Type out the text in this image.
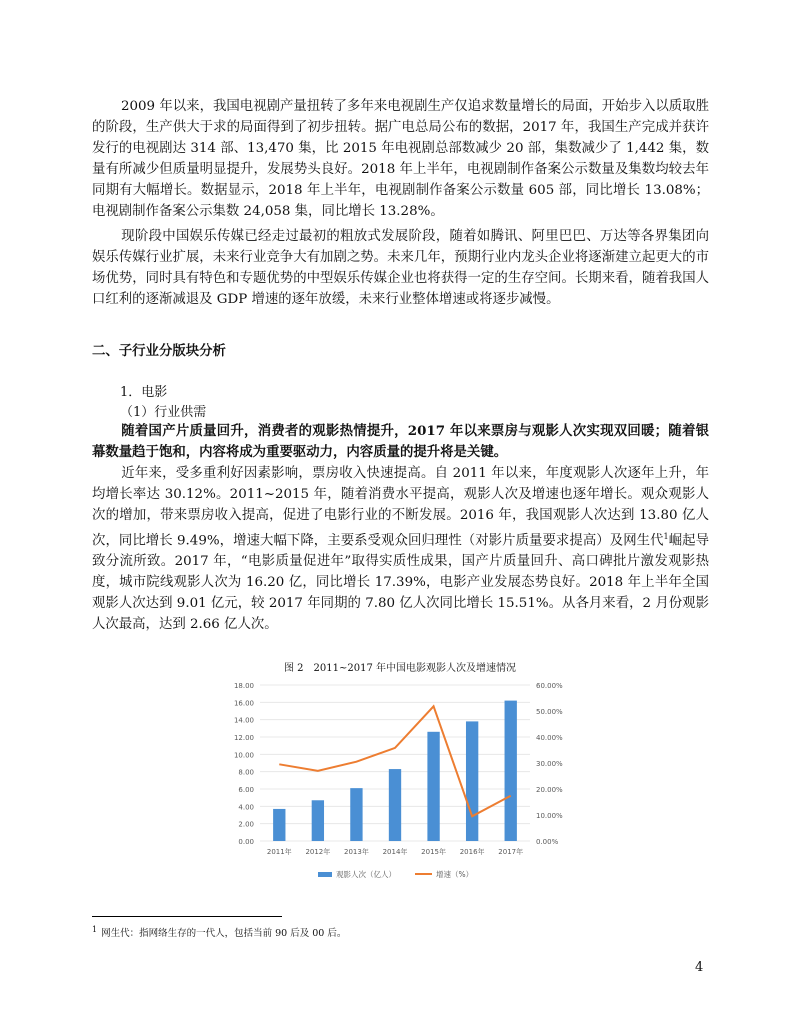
2009 年以来，我国电视剧产量扭转了多年来电视剧生产仅追求数量增长的局面，开始步入以质取胜的阶段，生产供大于求的局面得到了初步扭转。据广电总局公布的数据，2017 年，我国生产完成并获许发行的电视剧达 314 部、13,470 集，比 2015 年电视剧总部数减少 20 部，集数减少了 1,442 集，数量有所减少但质量明显提升，发展势头良好。2018 年上半年，电视剧制作备案公示数量及集数均较去年同期有大幅增长。数据显示，2018 年上半年，电视剧制作备案公示数量 605 部，同比增长 13.08%；电视剧制作备案公示集数 24,058 集，同比增长 13.28%。

现阶段中国娱乐传媒已经走过最初的粗放式发展阶段，随着如腾讯、阿里巴巴、万达等各界集团向娱乐传媒行业扩展，未来行业竞争大有加剧之势。未来几年，预期行业内龙头企业将逐渐建立起更大的市场优势，同时具有特色和专题优势的中型娱乐传媒企业也将获得一定的生存空间。长期来看，随着我国人口红利的逐渐减退及 GDP 增速的逐年放缓，未来行业整体增速或将逐步减慢。

二、子行业分版块分析

1．电影

（1）行业供需

随着国产片质量回升，消费者的观影热情提升，2017 年以来票房与观影人次实现双回暖；随着银幕数量趋于饱和，内容将成为重要驱动力，内容质量的提升将是关键。

近年来，受多重利好因素影响，票房收入快速提高。自 2011 年以来，年度观影人次逐年上升，年均增长率达 30.12%。2011~2015 年，随着消费水平提高，观影人次及增速也逐年增长。观众观影人次的增加，带来票房收入提高，促进了电影行业的不断发展。2016 年，我国观影人次达到 13.80 亿人次，同比增长 9.49%，增速大幅下降，主要系受观众回归理性（对影片质量要求提高）及网生代$^1$崛起导致分流所致。2017 年，“电影质量促进年”取得实质性成果，国产片质量回升、高口碑批片激发观影热度，城市院线观影人次为 16.20 亿，同比增长 17.39%，电影产业发展态势良好。2018 年上半年全国观影人次达到 9.01 亿元，较 2017 年同期的 7.80 亿人次同比增长 15.51%。从各月来看，2 月份观影人次最高，达到 2.66 亿人次。

图 2　2011~2017 年中国电影观影人次及增速情况
0.00
2.00
4.00
6.00
8.00
10.00
12.00
14.00
16.00
18.00
0.00%
10.00%
20.00%
30.00%
40.00%
50.00%
60.00%
2011年 2012年 2013年 2014年 2015年 2016年 2017年
观影人次（亿人）	增速（%）
$^1$ 网生代：指网络生存的一代人，包括当前 90 后及 00 后。
4
